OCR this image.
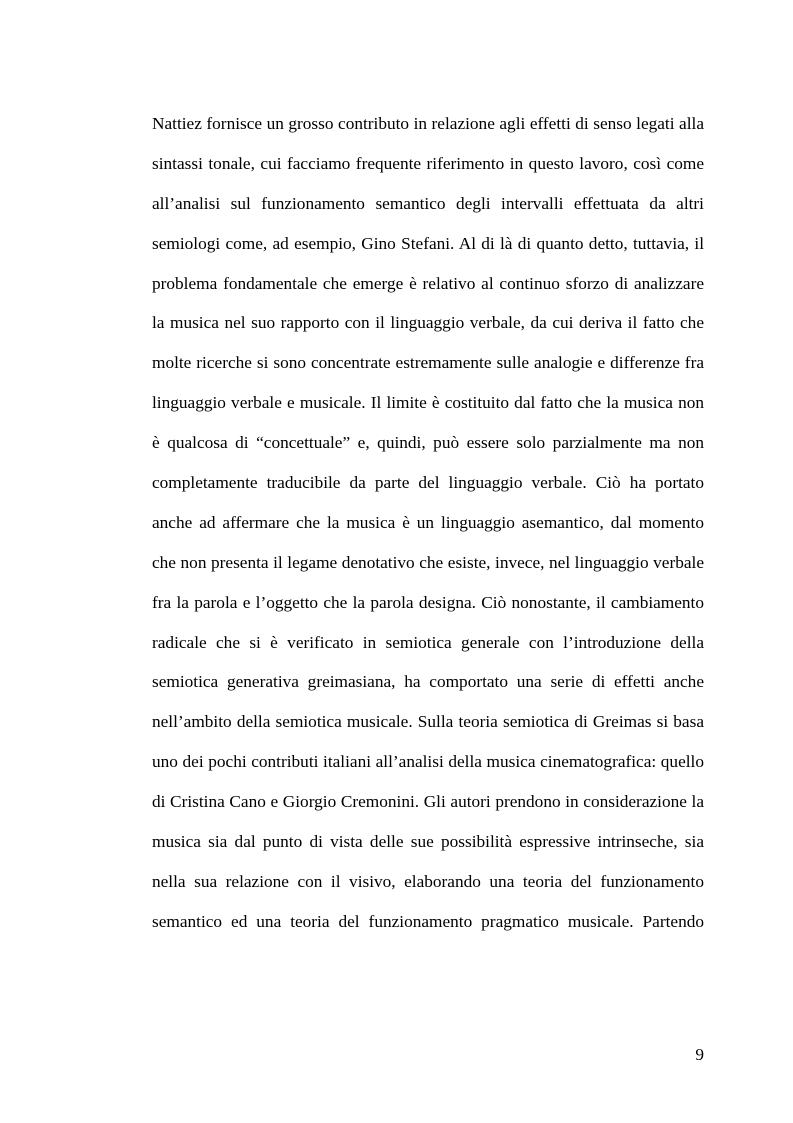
Nattiez fornisce un grosso contributo in relazione agli effetti di senso legati alla
sintassi tonale, cui facciamo frequente riferimento in questo lavoro, così come
all’analisi sul funzionamento semantico degli intervalli effettuata da altri
semiologi come, ad esempio, Gino Stefani. Al di là di quanto detto, tuttavia, il
problema fondamentale che emerge è relativo al continuo sforzo di analizzare
la musica nel suo rapporto con il linguaggio verbale, da cui deriva il fatto che
molte ricerche si sono concentrate estremamente sulle analogie e differenze fra
linguaggio verbale e musicale. Il limite è costituito dal fatto che la musica non
è qualcosa di “concettuale” e, quindi, può essere solo parzialmente ma non
completamente traducibile da parte del linguaggio verbale. Ciò ha portato
anche ad affermare che la musica è un linguaggio asemantico, dal momento
che non presenta il legame denotativo che esiste, invece, nel linguaggio verbale
fra la parola e l’oggetto che la parola designa. Ciò nonostante, il cambiamento
radicale che si è verificato in semiotica generale con l’introduzione della
semiotica generativa greimasiana, ha comportato una serie di effetti anche
nell’ambito della semiotica musicale. Sulla teoria semiotica di Greimas si basa
uno dei pochi contributi italiani all’analisi della musica cinematografica: quello
di Cristina Cano e Giorgio Cremonini. Gli autori prendono in considerazione la
musica sia dal punto di vista delle sue possibilità espressive intrinseche, sia
nella sua relazione con il visivo, elaborando una teoria del funzionamento
semantico ed una teoria del funzionamento pragmatico musicale. Partendo
9
